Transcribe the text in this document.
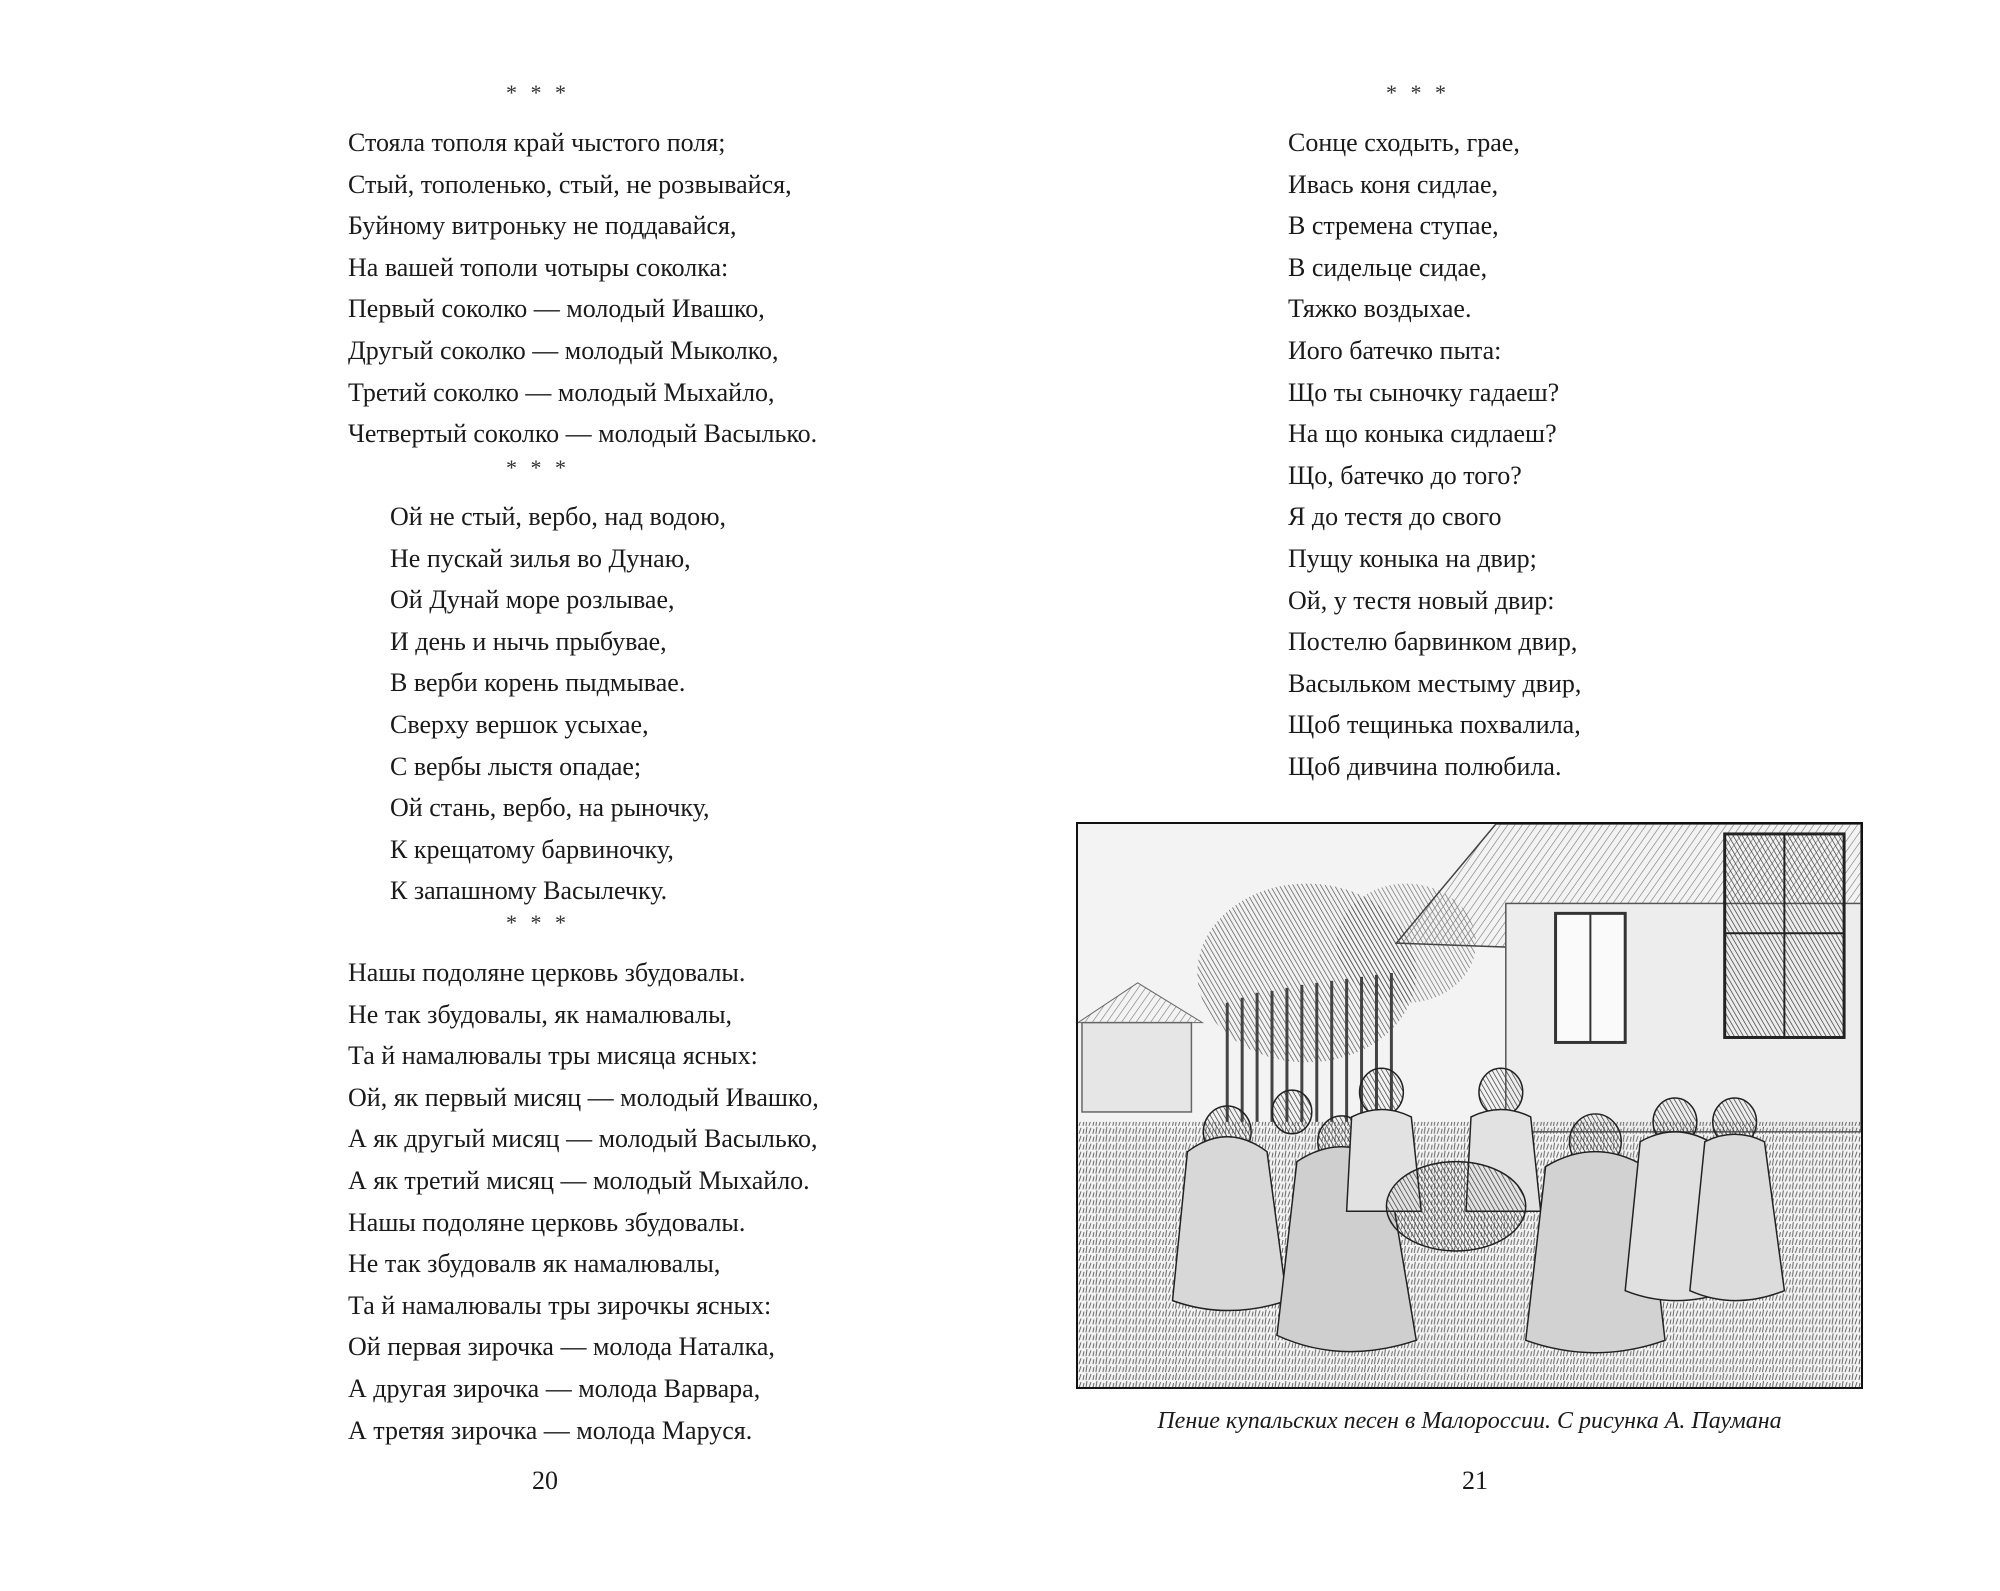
* * *
Стояла тополя край чыстого поля;
Стый, тополенько, стый, не розвывайся,
Буйному витроньку не поддавайся,
На вашей тополи чотыры соколка:
Первый соколко — молодый Ивашко,
Другый соколко — молодый Мыколко,
Третий соколко — молодый Мыхайло,
Четвертый соколко — молодый Васылько.
* * *
Ой не стый, вербо, над водою,
Не пускай зилья во Дунаю,
Ой Дунай море розлывае,
И день и нычь прыбувае,
В верби корень пыдмывае.
Сверху вершок усыхае,
С вербы лыстя опадае;
Ой стань, вербо, на рыночку,
К крещатому барвиночку,
К запашному Васылечку.
* * *
Нашы подоляне церковь збудовалы.
Не так збудовалы, як намалювалы,
Та й намалювалы тры мисяца ясных:
Ой, як первый мисяц — молодый Ивашко,
А як другый мисяц — молодый Васылько,
А як третий мисяц — молодый Мыхайло.
Нашы подоляне церковь збудовалы.
Не так збудовалв як намалювалы,
Та й намалювалы тры зирочкы ясных:
Ой первая зирочка — молода Наталка,
А другая зирочка — молода Варвара,
А третяя зирочка — молода Маруся.
20
* * *
Сонце сходыть, грае,
Ивась коня сидлае,
В стремена ступае,
В сидельце сидае,
Тяжко воздыхае.
Иого батечко пыта:
Що ты сыночку гадаеш?
На що коныка сидлаеш?
Що, батечко до того?
Я до тестя до свого
Пущу коныка на двир;
Ой, у тестя новый двир:
Постелю барвинком двир,
Васыльком местыму двир,
Щоб тещинька похвалила,
Щоб дивчина полюбила.
21
Пение купальских песен в Малороссии. С рисунка А. Паумана
